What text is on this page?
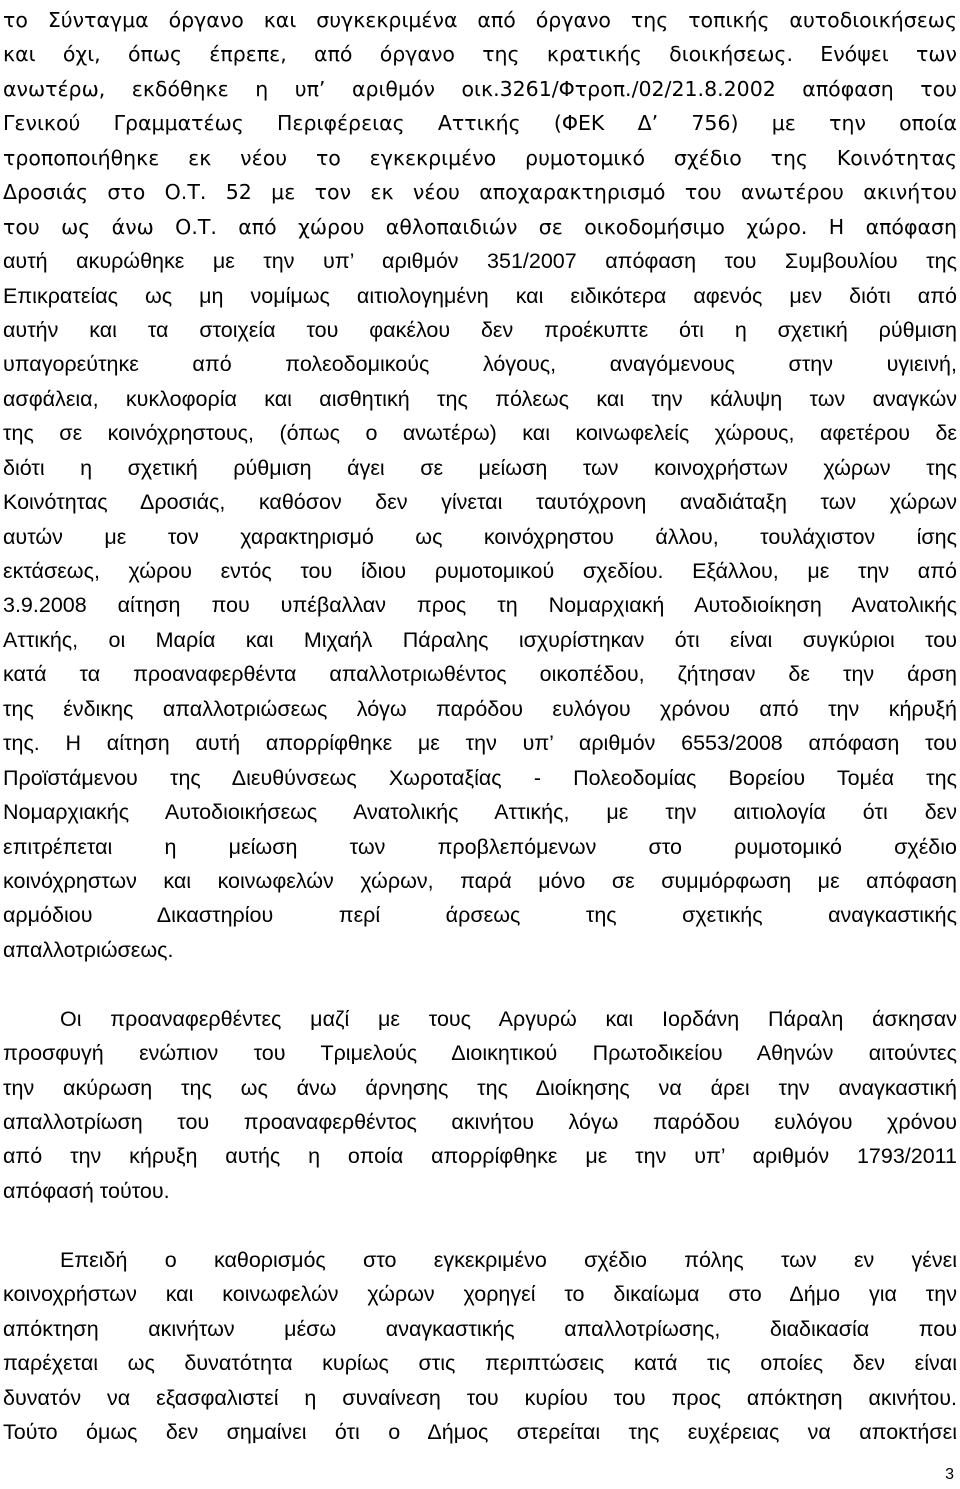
το Σύνταγμα όργανο και συγκεκριμένα από όργανο της τοπικής αυτοδιοικήσεως
και όχι, όπως έπρεπε, από όργανο της κρατικής διοικήσεως. Ενόψει των
ανωτέρω, εκδόθηκε η υπ’ αριθμόν οικ.3261/Φτροπ./02/21.8.2002 απόφαση του
Γενικού Γραμματέως Περιφέρειας Αττικής (ΦΕΚ Δ’ 756) με την οποία
τροποποιήθηκε εκ νέου το εγκεκριμένο ρυμοτομικό σχέδιο της Κοινότητας
Δροσιάς στο Ο.Τ. 52 με τον εκ νέου αποχαρακτηρισμό του ανωτέρου ακινήτου
του ως άνω Ο.Τ. από χώρου αθλοπαιδιών σε οικοδομήσιμο χώρο. Η απόφαση
αυτή ακυρώθηκε με την υπ’ αριθμόν 351/2007 απόφαση του Συμβουλίου της
Επικρατείας ως μη νομίμως αιτιολογημένη και ειδικότερα αφενός μεν διότι από
αυτήν και τα στοιχεία του φακέλου δεν προέκυπτε ότι η σχετική ρύθμιση
υπαγορεύτηκε από πολεοδομικούς λόγους, αναγόμενους στην υγιεινή,
ασφάλεια, κυκλοφορία και αισθητική της πόλεως και την κάλυψη των αναγκών
της σε κοινόχρηστους, (όπως ο ανωτέρω) και κοινωφελείς χώρους, αφετέρου δε
διότι η σχετική ρύθμιση άγει σε μείωση των κοινοχρήστων χώρων της
Κοινότητας Δροσιάς, καθόσον δεν γίνεται ταυτόχρονη αναδιάταξη των χώρων
αυτών με τον χαρακτηρισμό ως κοινόχρηστου άλλου, τουλάχιστον ίσης
εκτάσεως, χώρου εντός του ίδιου ρυμοτομικού σχεδίου. Εξάλλου, με την από
3.9.2008 αίτηση που υπέβαλλαν προς τη Νομαρχιακή Αυτοδιοίκηση Ανατολικής
Αττικής, οι Μαρία και Μιχαήλ Πάραλης ισχυρίστηκαν ότι είναι συγκύριοι του
κατά τα προαναφερθέντα απαλλοτριωθέντος οικοπέδου, ζήτησαν δε την άρση
της ένδικης απαλλοτριώσεως λόγω παρόδου ευλόγου χρόνου από την κήρυξή
της. Η αίτηση αυτή απορρίφθηκε με την υπ’ αριθμόν 6553/2008 απόφαση του
Προϊστάμενου της Διευθύνσεως Χωροταξίας - Πολεοδομίας Βορείου Τομέα της
Νομαρχιακής Αυτοδιοικήσεως Ανατολικής Αττικής, με την αιτιολογία ότι δεν
επιτρέπεται η μείωση των προβλεπόμενων στο ρυμοτομικό σχέδιο
κοινόχρηστων και κοινωφελών χώρων, παρά μόνο σε συμμόρφωση με απόφαση
αρμόδιου Δικαστηρίου περί άρσεως της σχετικής αναγκαστικής
απαλλοτριώσεως.
Οι προαναφερθέντες μαζί με τους Αργυρώ και Ιορδάνη Πάραλη άσκησαν
προσφυγή ενώπιον του Τριμελούς Διοικητικού Πρωτοδικείου Αθηνών αιτούντες
την ακύρωση της ως άνω άρνησης της Διοίκησης να άρει την αναγκαστική
απαλλοτρίωση του προαναφερθέντος ακινήτου λόγω παρόδου ευλόγου χρόνου
από την κήρυξη αυτής η οποία απορρίφθηκε με την υπ’ αριθμόν 1793/2011
απόφασή τούτου.
Επειδή ο καθορισμός στο εγκεκριμένο σχέδιο πόλης των εν γένει
κοινοχρήστων και κοινωφελών χώρων χορηγεί το δικαίωμα στο Δήμο για την
απόκτηση ακινήτων μέσω αναγκαστικής απαλλοτρίωσης, διαδικασία που
παρέχεται ως δυνατότητα κυρίως στις περιπτώσεις κατά τις οποίες δεν είναι
δυνατόν να εξασφαλιστεί η συναίνεση του κυρίου του προς απόκτηση ακινήτου.
Τούτο όμως δεν σημαίνει ότι ο Δήμος στερείται της ευχέρειας να αποκτήσει
3
